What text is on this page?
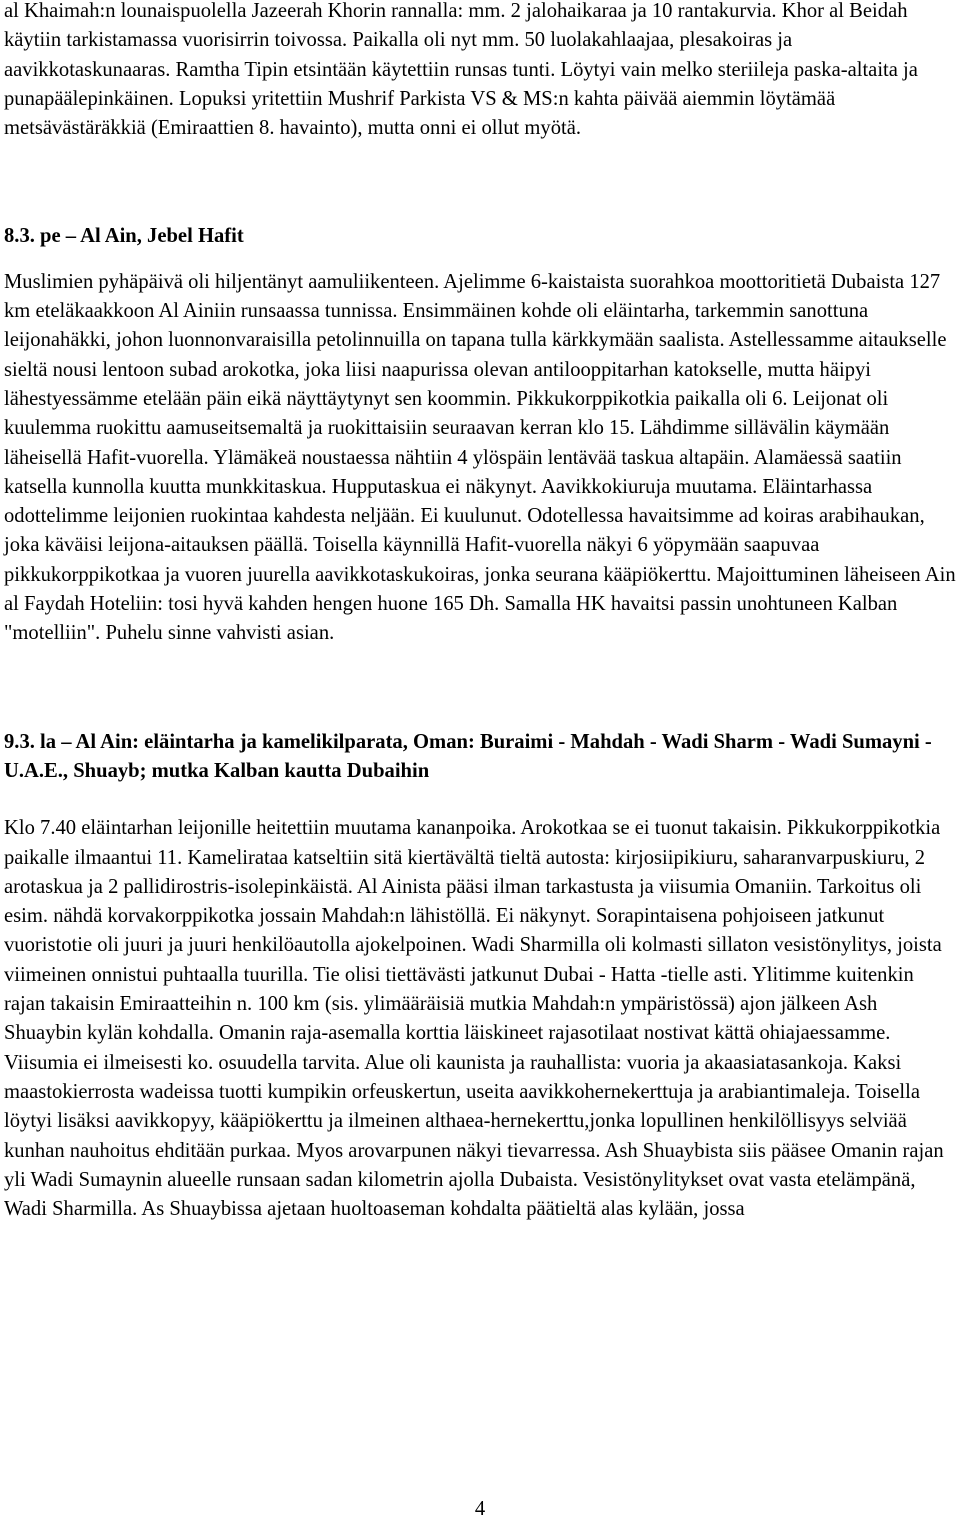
al Khaimah:n lounaispuolella Jazeerah Khorin rannalla: mm. 2 jalohaikaraa ja 10 rantakurvia. Khor al Beidah käytiin tarkistamassa vuorisirrin toivossa. Paikalla oli nyt mm. 50 luolakahlaajaa, plesakoiras ja aavikkotaskunaaras. Ramtha Tipin etsintään käytettiin runsas tunti. Löytyi vain melko steriileja paska-altaita ja punapäälepinkäinen. Lopuksi yritettiin Mushrif Parkista VS & MS:n kahta päivää aiemmin löytämää metsävästäräkkiä (Emiraattien 8. havainto), mutta onni ei ollut myötä.

8.3. pe – Al Ain, Jebel Hafit

Muslimien pyhäpäivä oli hiljentänyt aamuliikenteen. Ajelimme 6-kaistaista suorahkoa moottoritietä Dubaista 127 km eteläkaakkoon Al Ainiin runsaassa tunnissa. Ensimmäinen kohde oli eläintarha, tarkemmin sanottuna leijonahäkki, johon luonnonvaraisilla petolinnuilla on tapana tulla kärkkymään saalista. Astellessamme aitaukselle sieltä nousi lentoon subad arokotka, joka liisi naapurissa olevan antilooppitarhan katokselle, mutta häipyi lähestyessämme etelään päin eikä näyttäytynyt sen koommin. Pikkukorppikotkia paikalla oli 6. Leijonat oli kuulemma ruokittu aamuseitsemaltä ja ruokittaisiin seuraavan kerran klo 15. Lähdimme sillävälin käymään läheisellä Hafit-vuorella. Ylämäkeä noustaessa nähtiin 4 ylöspäin lentävää taskua altapäin. Alamäessä saatiin katsella kunnolla kuutta munkkitaskua. Hupputaskua ei näkynyt. Aavikkokiuruja muutama. Eläintarhassa odottelimme leijonien ruokintaa kahdesta neljään. Ei kuulunut. Odotellessa havaitsimme ad koiras arabihaukan, joka käväisi leijona-aitauksen päällä. Toisella käynnillä Hafit-vuorella näkyi 6 yöpymään saapuvaa pikkukorppikotkaa ja vuoren juurella aavikkotaskukoiras, jonka seurana kääpiökerttu. Majoittuminen läheiseen Ain al Faydah Hoteliin: tosi hyvä kahden hengen huone 165 Dh. Samalla HK havaitsi passin unohtuneen Kalban "motelliin". Puhelu sinne vahvisti asian.

9.3. la – Al Ain: eläintarha ja kamelikilparata, Oman: Buraimi - Mahdah - Wadi Sharm - Wadi Sumayni - U.A.E., Shuayb; mutka Kalban kautta Dubaihin

Klo 7.40 eläintarhan leijonille heitettiin muutama kananpoika. Arokotkaa se ei tuonut takaisin. Pikkukorppikotkia paikalle ilmaantui 11. Kamelirataa katseltiin sitä kiertävältä tieltä autosta: kirjosiipikiuru, saharanvarpuskiuru, 2 arotaskua ja 2 pallidirostris-isolepinkäistä. Al Ainista pääsi ilman tarkastusta ja viisumia Omaniin. Tarkoitus oli esim. nähdä korvakorppikotka jossain Mahdah:n lähistöllä. Ei näkynyt. Sorapintaisena pohjoiseen jatkunut vuoristotie oli juuri ja juuri henkilöautolla ajokelpoinen. Wadi Sharmilla oli kolmasti sillaton vesistönylitys, joista viimeinen onnistui puhtaalla tuurilla. Tie olisi tiettävästi jatkunut Dubai - Hatta -tielle asti. Ylitimme kuitenkin rajan takaisin Emiraatteihin n. 100 km (sis. ylimääräisiä mutkia Mahdah:n ympäristössä) ajon jälkeen Ash Shuaybin kylän kohdalla. Omanin raja-asemalla korttia läiskineet rajasotilaat nostivat kättä ohiajaessamme. Viisumia ei ilmeisesti ko. osuudella tarvita. Alue oli kaunista ja rauhallista: vuoria ja akaasiatasankoja. Kaksi maastokierrosta wadeissa tuotti kumpikin orfeuskertun, useita aavikkohernekerttuja ja arabiantimaleja. Toisella löytyi lisäksi aavikkopyy, kääpiökerttu ja ilmeinen althaea-hernekerttu,jonka lopullinen henkilöllisyys selviää kunhan nauhoitus ehditään purkaa. Myos arovarpunen näkyi tievarressa. Ash Shuaybista siis pääsee Omanin rajan yli Wadi Sumaynin alueelle runsaan sadan kilometrin ajolla Dubaista. Vesistönylitykset ovat vasta etelämpänä, Wadi Sharmilla. As Shuaybissa ajetaan huoltoaseman kohdalta päätieltä alas kylään, jossa

4
